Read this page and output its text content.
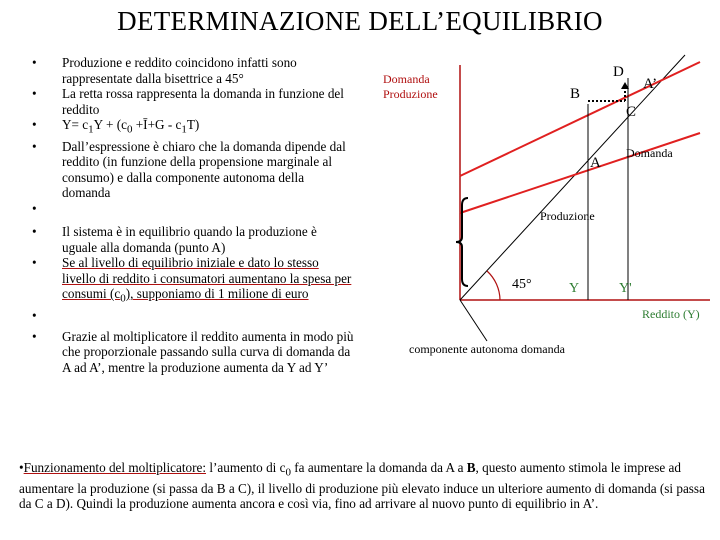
DETERMINAZIONE DELL’EQUILIBRIO
• Produzione e reddito coincidono infatti sono rappresentate dalla bisettrice a 45°
• La retta rossa rappresenta la domanda in funzione del reddito
• $Y= c_1Y + (c_0$ +Ī+G - $c_1T$)
• Dall’espressione è chiaro che la domanda dipende dal reddito (in funzione della propensione marginale al consumo) e dalla componente autonoma della domanda
•
• Il sistema è in equilibrio quando la produzione è uguale alla domanda (punto A)
• Se al livello di equilibrio iniziale e dato lo stesso livello di reddito i consumatori aumentano la spesa per consumi $(c_0)$, supponiamo di 1 milione di euro
•
• Grazie al moltiplicatore il reddito aumenta in modo più che proporzionale passando sulla curva di domanda da A ad A’, mentre la produzione aumenta da Y ad Y’
Domanda
Produzione
D
A’
B
C
A
Domanda
Produzione
45°	Y	Y'
Reddito (Y)
componente autonoma domanda
•Funzionamento del moltiplicatore: l’aumento di $c_0$ fa aumentare la domanda da A a B, questo aumento stimola le imprese ad aumentare la produzione (si passa da B a C), il livello di produzione più elevato induce un ulteriore aumento di domanda (si passa da C a D). Quindi la produzione aumenta ancora e così via, fino ad arrivare al nuovo punto di equilibrio in A’.
